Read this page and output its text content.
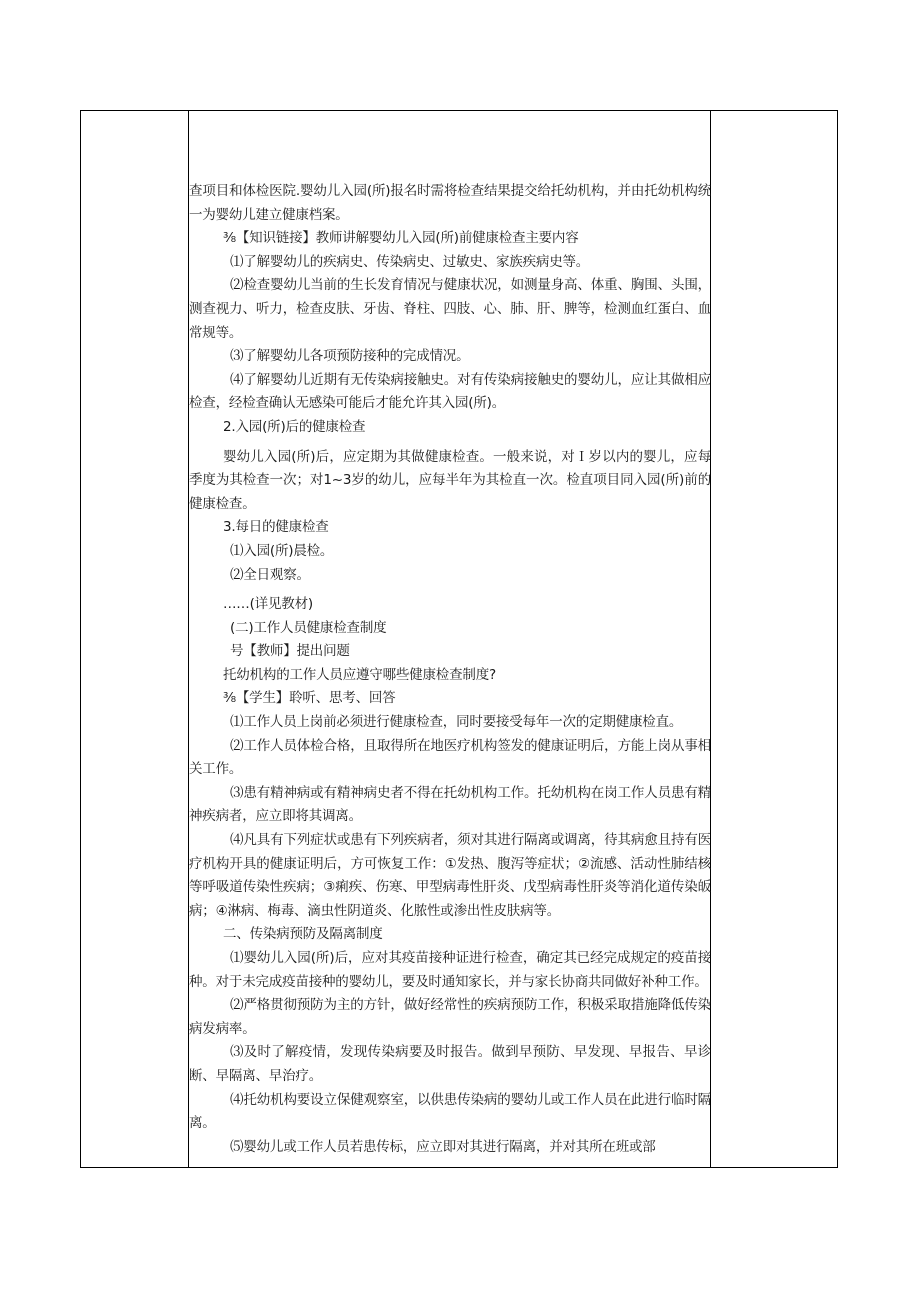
查项目和体检医院.婴幼儿入园(所)报名时需将检查结果提交给托幼机构，并由托幼机构统一为婴幼儿建立健康档案。

⅜【知识链接】教师讲解婴幼儿入园(所)前健康检查主要内容

⑴了解婴幼儿的疾病史、传染病史、过敏史、家族疾病史等。

⑵检查婴幼儿当前的生长发育情况与健康状况，如测量身高、体重、胸围、头围，测查视力、听力，检查皮肤、牙齿、脊柱、四肢、心、肺、肝、脾等，检测血红蛋白、血常规等。

⑶了解婴幼儿各项预防接种的完成情况。

⑷了解婴幼儿近期有无传染病接触史。对有传染病接触史的婴幼儿，应让其做相应检查，经检查确认无感染可能后才能允许其入园(所)。

2.入园(所)后的健康检查

婴幼儿入园(所)后，应定期为其做健康检查。一般来说，对Ｉ岁以内的婴儿，应每季度为其检查一次；对1~3岁的幼儿，应每半年为其检直一次。检直项目同入园(所)前的健康检查。

3.每日的健康检查

⑴入园(所)晨检。

⑵全日观察。

……(详见教材)

(二)工作人员健康检查制度

号【教师】提出问题

托幼机构的工作人员应遵守哪些健康检查制度?

⅜【学生】聆听、思考、回答

⑴工作人员上岗前必须进行健康检查，同时要接受每年一次的定期健康检直。

⑵工作人员体检合格，且取得所在地医疗机构签发的健康证明后，方能上岗从事相关工作。

⑶患有精神病或有精神病史者不得在托幼机构工作。托幼机构在岗工作人员患有精神疾病者，应立即将其调离。

⑷凡具有下列症状或患有下列疾病者，须对其进行隔离或调离，待其病愈且持有医疗机构开具的健康证明后，方可恢复工作：①发热、腹泻等症状；②流感、活动性肺结核等呼吸道传染性疾病；③痢疾、伤寒、甲型病毒性肝炎、戊型病毒性肝炎等消化道传染皈病；④淋病、梅毒、滴虫性阴道炎、化脓性或渗出性皮肤病等。

二、传染病预防及隔离制度

⑴婴幼儿入园(所)后，应对其疫苗接种证进行检查，确定其已经完成规定的疫苗接种。对于未完成疫苗接种的婴幼儿，要及时通知家长，并与家长协商共同做好补种工作。

⑵严格贯彻预防为主的方针，做好经常性的疾病预防工作，积极采取措施降低传染病发病率。

⑶及时了解疫情，发现传染病要及时报告。做到早预防、早发现、早报告、早诊断、早隔离、早治疗。

⑷托幼机构要设立保健观察室，以供患传染病的婴幼儿或工作人员在此进行临时隔离。

⑸婴幼儿或工作人员若患传标，应立即对其进行隔离，并对其所在班或部
